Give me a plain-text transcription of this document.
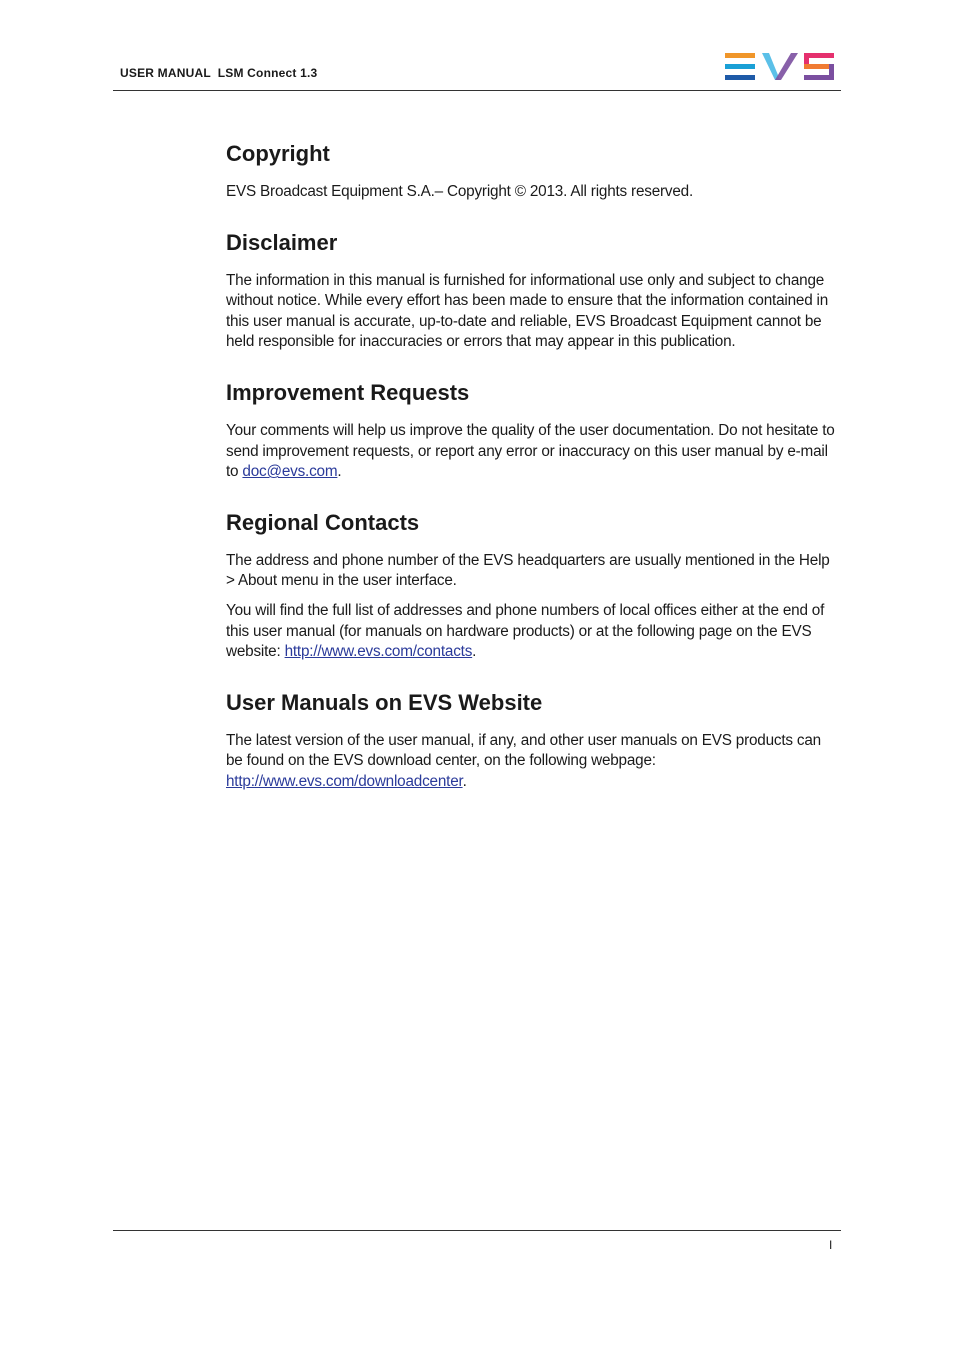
USER MANUAL  LSM Connect 1.3
Copyright

EVS Broadcast Equipment S.A.– Copyright © 2013. All rights reserved.

Disclaimer

The information in this manual is furnished for informational use only and subject to change without notice. While every effort has been made to ensure that the information contained in this user manual is accurate, up-to-date and reliable, EVS Broadcast Equipment cannot be held responsible for inaccuracies or errors that may appear in this publication.

Improvement Requests

Your comments will help us improve the quality of the user documentation. Do not hesitate to send improvement requests, or report any error or inaccuracy on this user manual by e-mail to doc@evs.com.

Regional Contacts

The address and phone number of the EVS headquarters are usually mentioned in the Help > About menu in the user interface.

You will find the full list of addresses and phone numbers of local offices either at the end of this user manual (for manuals on hardware products) or at the following page on the EVS website: http://www.evs.com/contacts.

User Manuals on EVS Website

The latest version of the user manual, if any, and other user manuals on EVS products can be found on the EVS download center, on the following webpage: http://www.evs.com/downloadcenter.

I
